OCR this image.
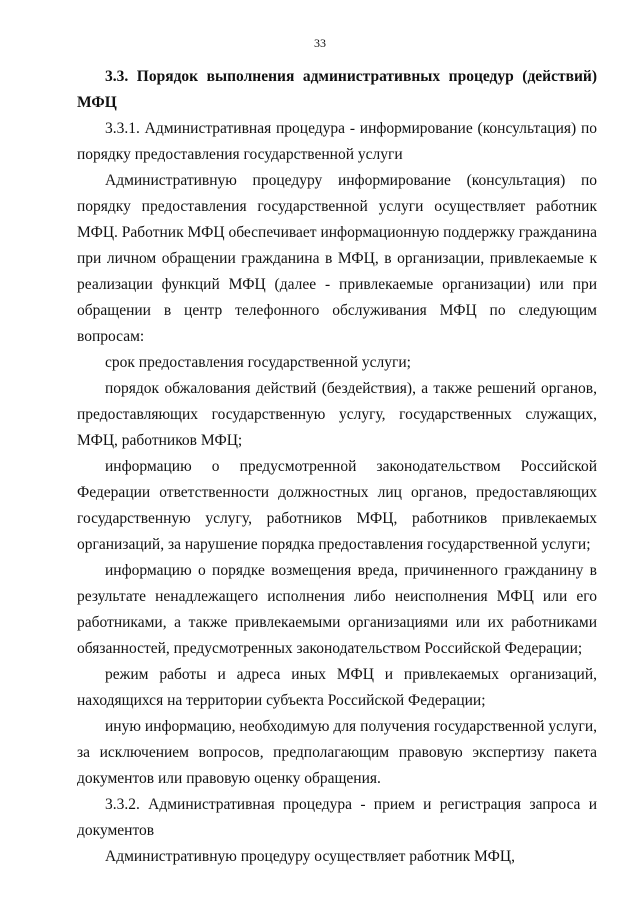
33

3.3. Порядок выполнения административных процедур (действий) МФЦ

3.3.1. Административная процедура - информирование (консультация) по порядку предоставления государственной услуги

Административную процедуру информирование (консультация) по порядку предоставления государственной услуги осуществляет работник МФЦ. Работник МФЦ обеспечивает информационную поддержку гражданина при личном обращении гражданина в МФЦ, в организации, привлекаемые к реализации функций МФЦ (далее - привлекаемые организации) или при обращении в центр телефонного обслуживания МФЦ по следующим вопросам:

срок предоставления государственной услуги;

порядок обжалования действий (бездействия), а также решений органов, предоставляющих государственную услугу, государственных служащих, МФЦ, работников МФЦ;

информацию о предусмотренной законодательством Российской Федерации ответственности должностных лиц органов, предоставляющих государственную услугу, работников МФЦ, работников привлекаемых организаций, за нарушение порядка предоставления государственной услуги;

информацию о порядке возмещения вреда, причиненного гражданину в результате ненадлежащего исполнения либо неисполнения МФЦ или его работниками, а также привлекаемыми организациями или их работниками обязанностей, предусмотренных законодательством Российской Федерации;

режим работы и адреса иных МФЦ и привлекаемых организаций, находящихся на территории субъекта Российской Федерации;

иную информацию, необходимую для получения государственной услуги, за исключением вопросов, предполагающим правовую экспертизу пакета документов или правовую оценку обращения.

3.3.2. Административная процедура - прием и регистрация запроса и документов

Административную процедуру осуществляет работник МФЦ,
